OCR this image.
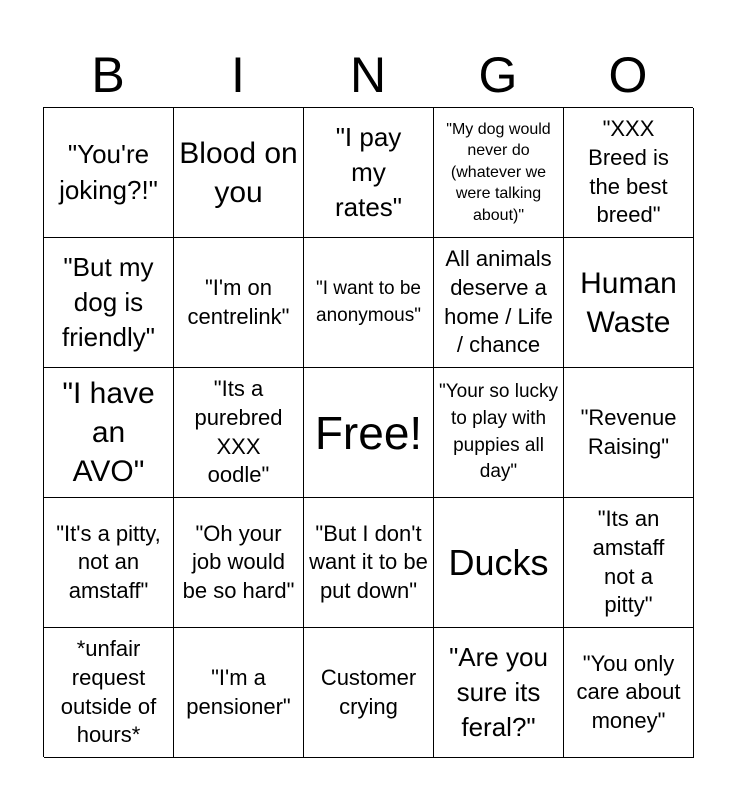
B	I	N	G	O
"You're joking?!"
Blood on you
"I pay my rates"
"My dog would never do (whatever we were talking about)"
"XXX Breed is the best breed"
"But my dog is friendly"
"I'm on centrelink"
"I want to be anonymous"
All animals deserve a home / Life / chance
Human Waste
"I have an AVO"
"Its a purebred XXX oodle"
Free!
"Your so lucky to play with puppies all day"
"Revenue Raising"
"It's a pitty, not an amstaff"
"Oh your job would be so hard"
"But I don't want it to be put down"
Ducks
"Its an amstaff not a pitty"
*unfair request outside of hours*
"I'm a pensioner"
Customer crying
"Are you sure its feral?"
"You only care about money"
